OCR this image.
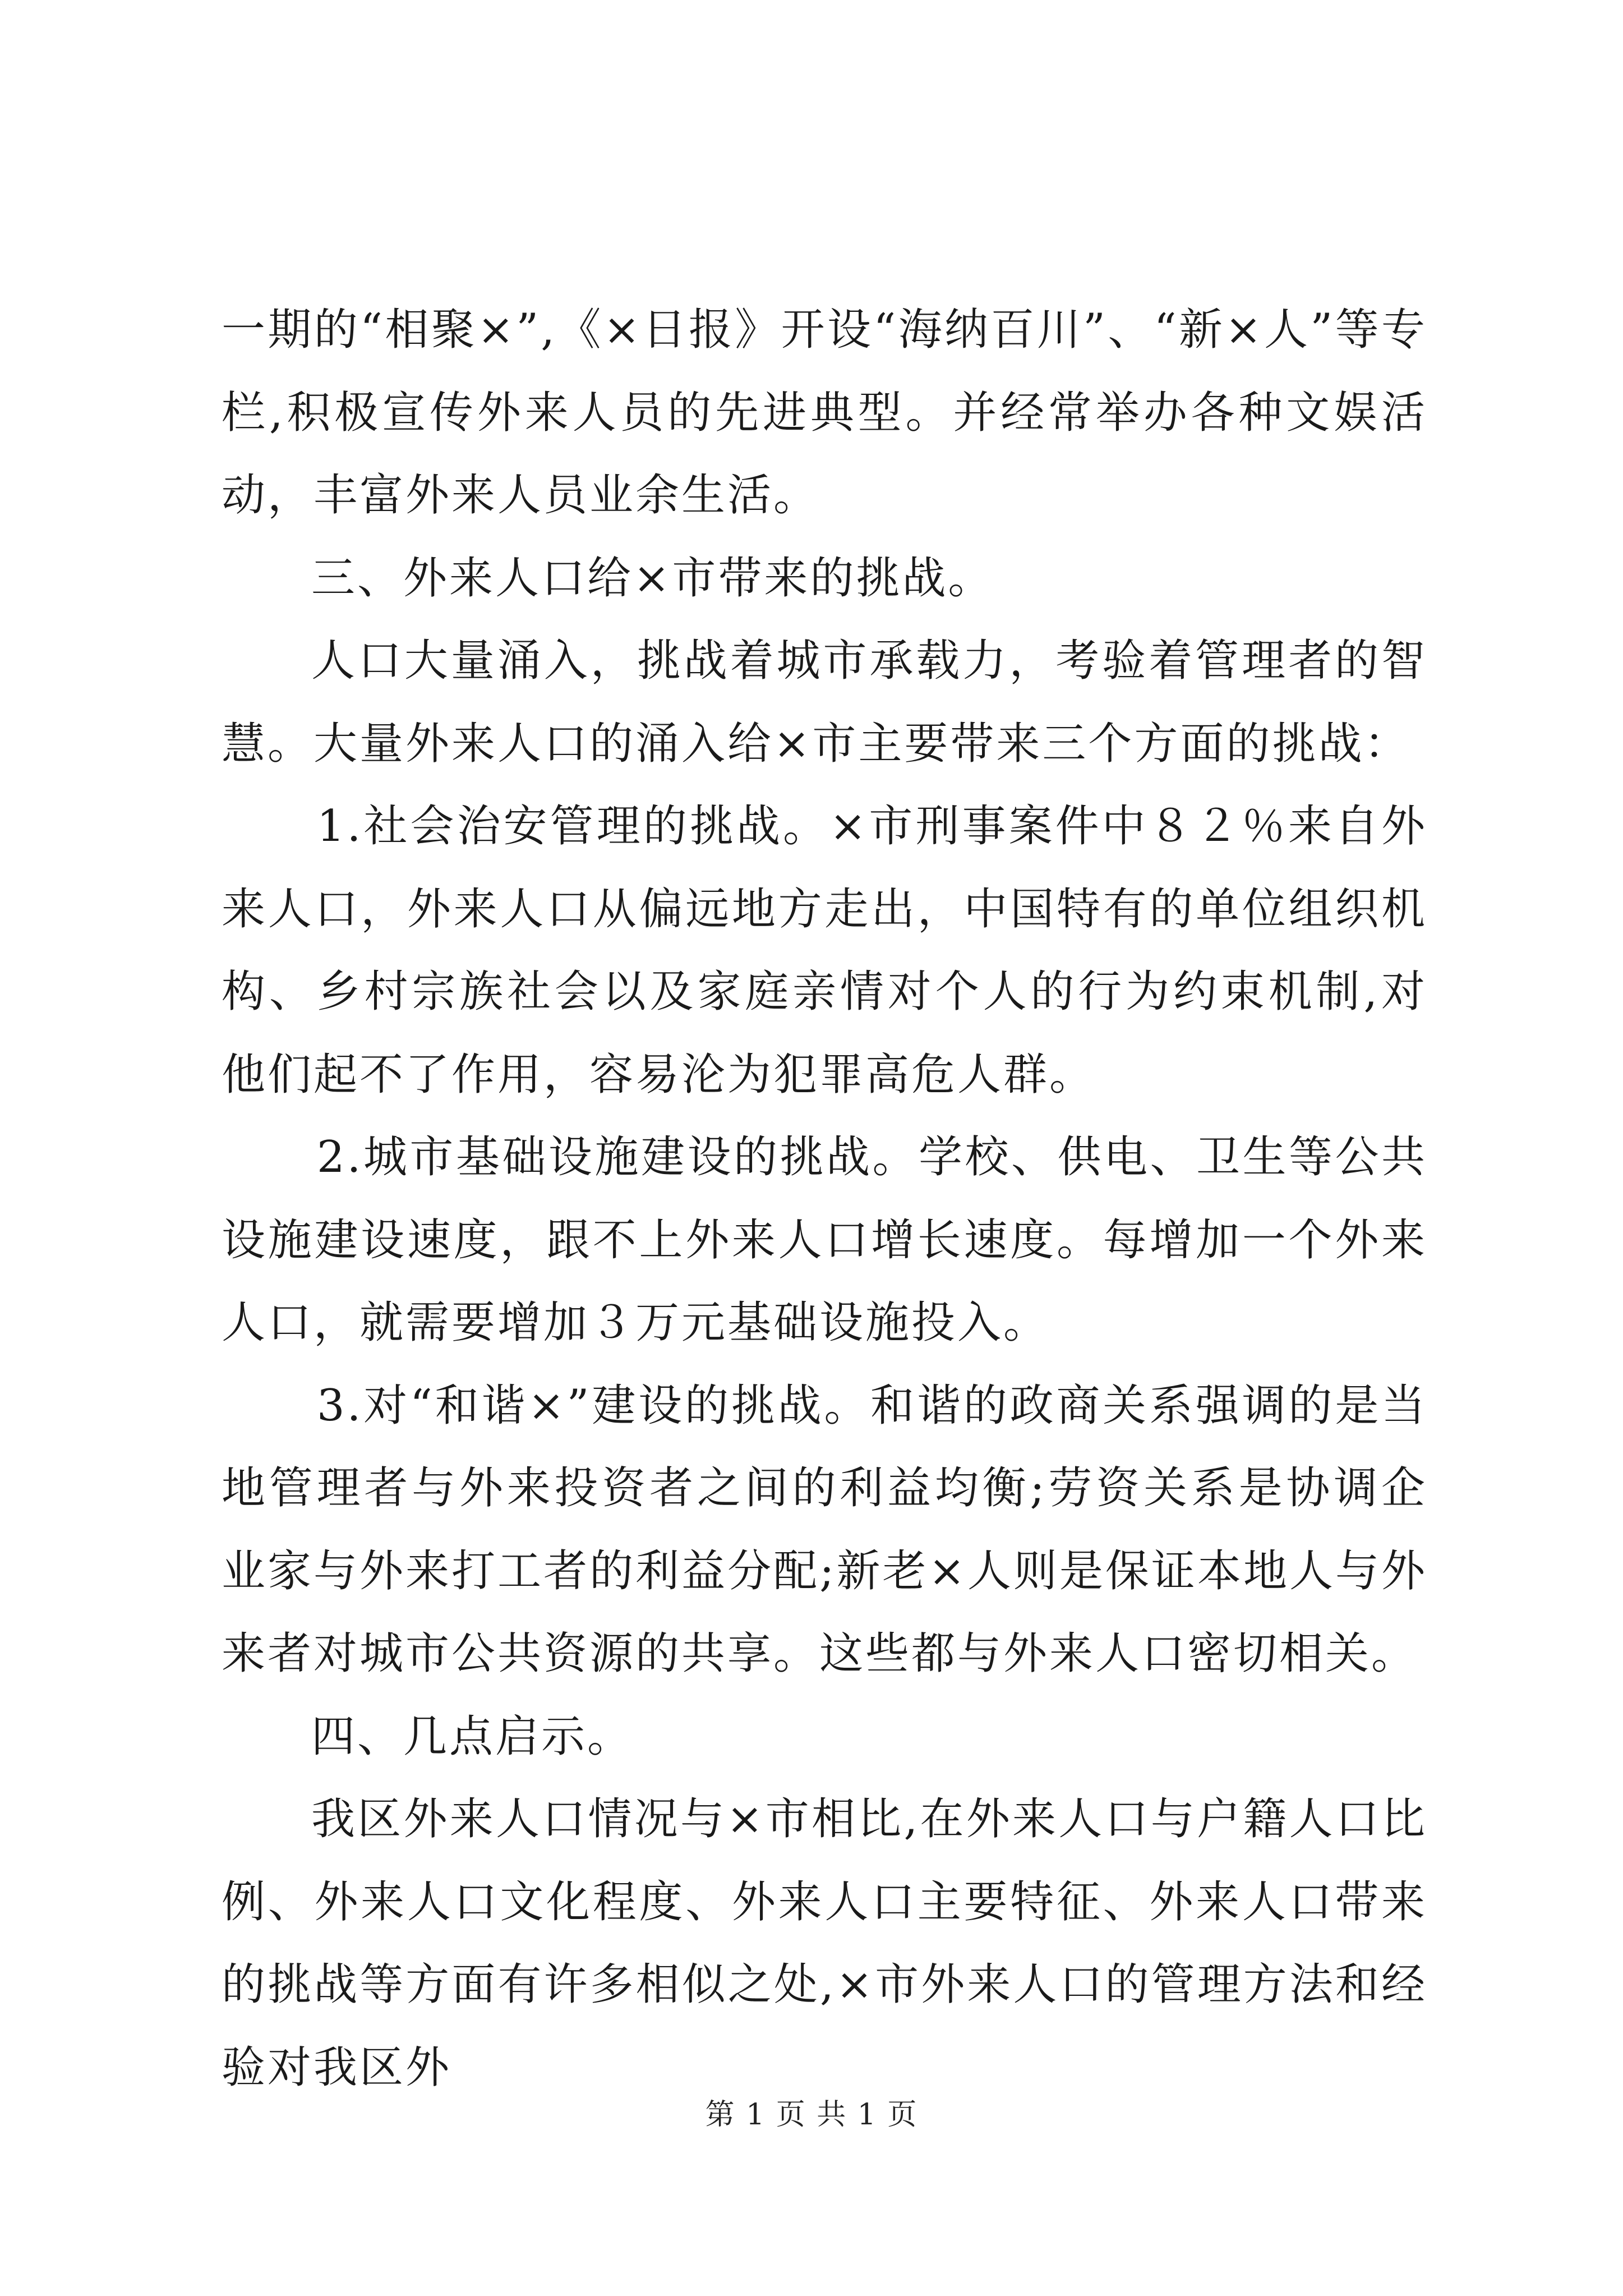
一期的“相聚×”,《×日报》开设“海纳百川”、“新×人”等专栏,积极宣传外来人员的先进典型。并经常举办各种文娱活动，丰富外来人员业余生活。

三、外来人口给×市带来的挑战。

人口大量涌入，挑战着城市承载力，考验着管理者的智慧。大量外来人口的涌入给×市主要带来三个方面的挑战：

1.社会治安管理的挑战。×市刑事案件中８２％来自外来人口，外来人口从偏远地方走出，中国特有的单位组织机构、乡村宗族社会以及家庭亲情对个人的行为约束机制,对他们起不了作用，容易沦为犯罪高危人群。

2.城市基础设施建设的挑战。学校、供电、卫生等公共设施建设速度，跟不上外来人口增长速度。每增加一个外来人口，就需要增加３万元基础设施投入。

3.对“和谐×”建设的挑战。和谐的政商关系强调的是当地管理者与外来投资者之间的利益均衡;劳资关系是协调企业家与外来打工者的利益分配;新老×人则是保证本地人与外来者对城市公共资源的共享。这些都与外来人口密切相关。

四、几点启示。

我区外来人口情况与×市相比,在外来人口与户籍人口比例、外来人口文化程度、外来人口主要特征、外来人口带来的挑战等方面有许多相似之处,×市外来人口的管理方法和经验对我区外

第 1 页 共 1 页
